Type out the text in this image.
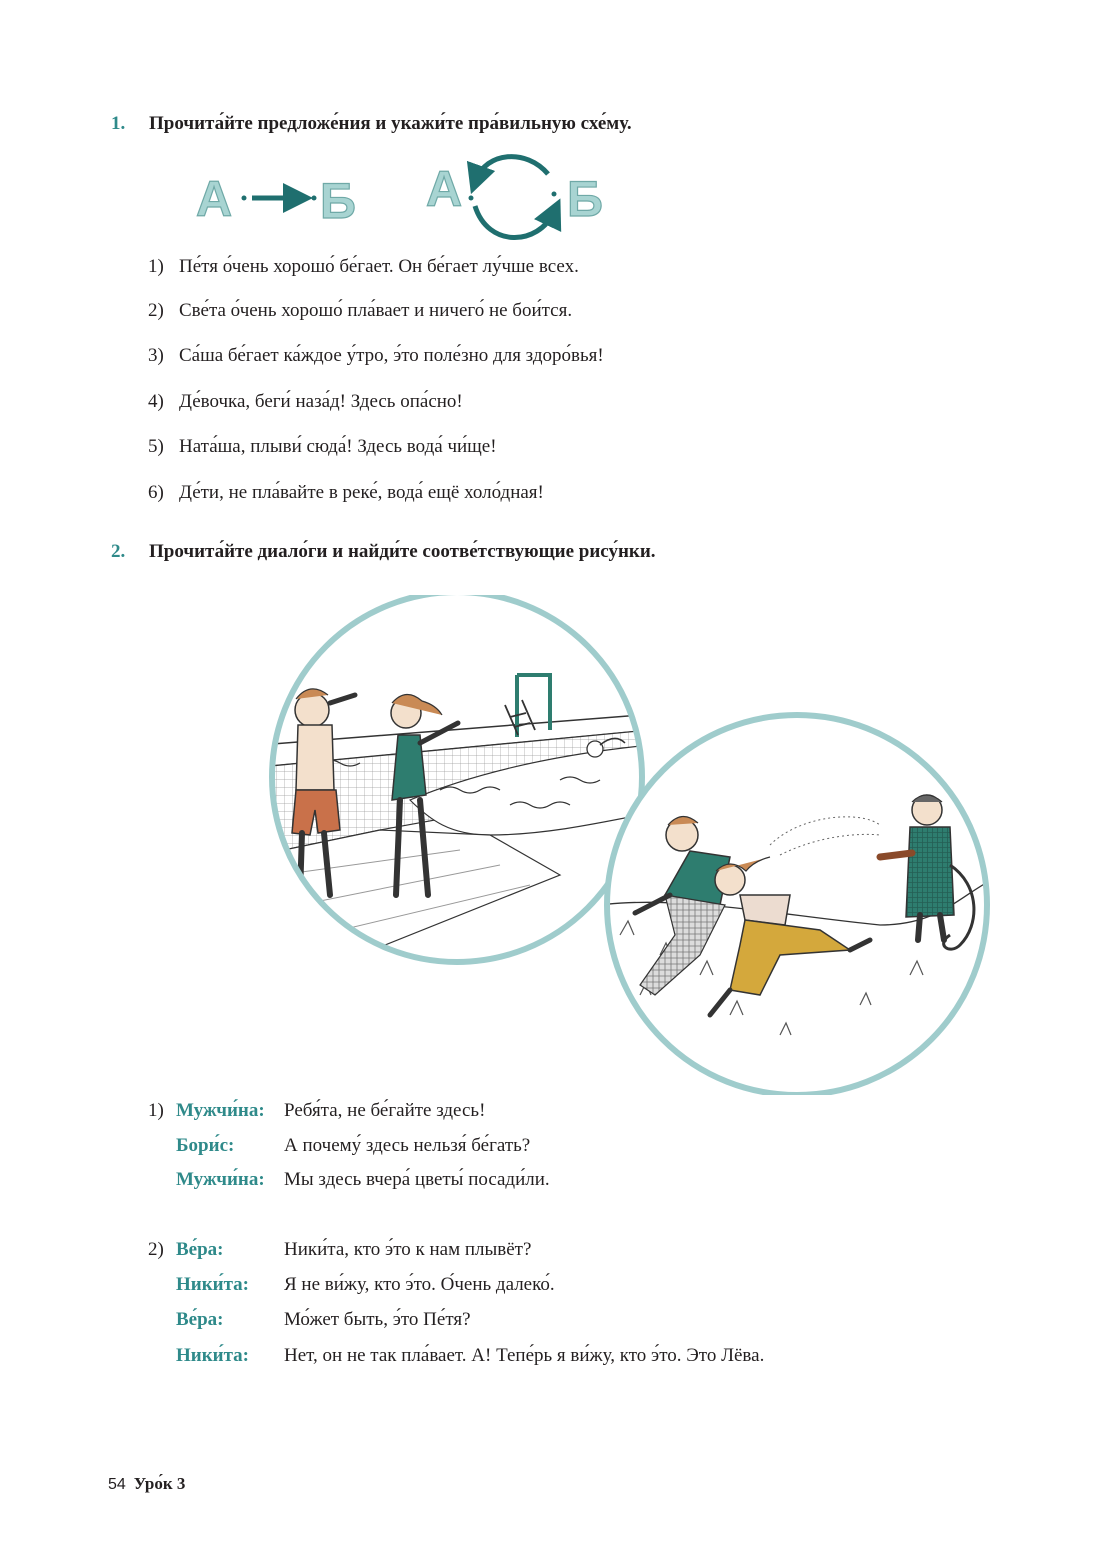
1. Прочита́йте предложе́ния и укажи́те пра́вильную схе́му.
А Б А Б
1) Пе́тя о́чень хорошо́ бе́гает. Он бе́гает лу́чше всех.
2) Све́та о́чень хорошо́ пла́вает и ничего́ не бои́тся.
3) Са́ша бе́гает ка́ждое у́тро, э́то поле́зно для здоро́вья!
4) Де́вочка, беги́ наза́д! Здесь опа́сно!
5) Ната́ша, плыви́ сюда́! Здесь вода́ чи́ще!
6) Де́ти, не пла́вайте в реке́, вода́ ещё холо́дная!
2. Прочита́йте диало́ги и найди́те соотве́тствующие рису́нки.
1) Мужчи́на: Ребя́та, не бе́гайте здесь!
Бори́с:	А почему́ здесь нельзя́ бе́гать?
Мужчи́на: Мы здесь вчера́ цветы́ посади́ли.
2) Ве́ра:	Ники́та, кто э́то к нам плывёт?
Ники́та: Я не ви́жу, кто э́то. О́чень далеко́.
Ве́ра:	Мо́жет быть, э́то Пе́тя?
Ники́та: Нет, он не так пла́вает. А! Тепе́рь я ви́жу, кто э́то. Это Лёва.
54 Уро́к 3
